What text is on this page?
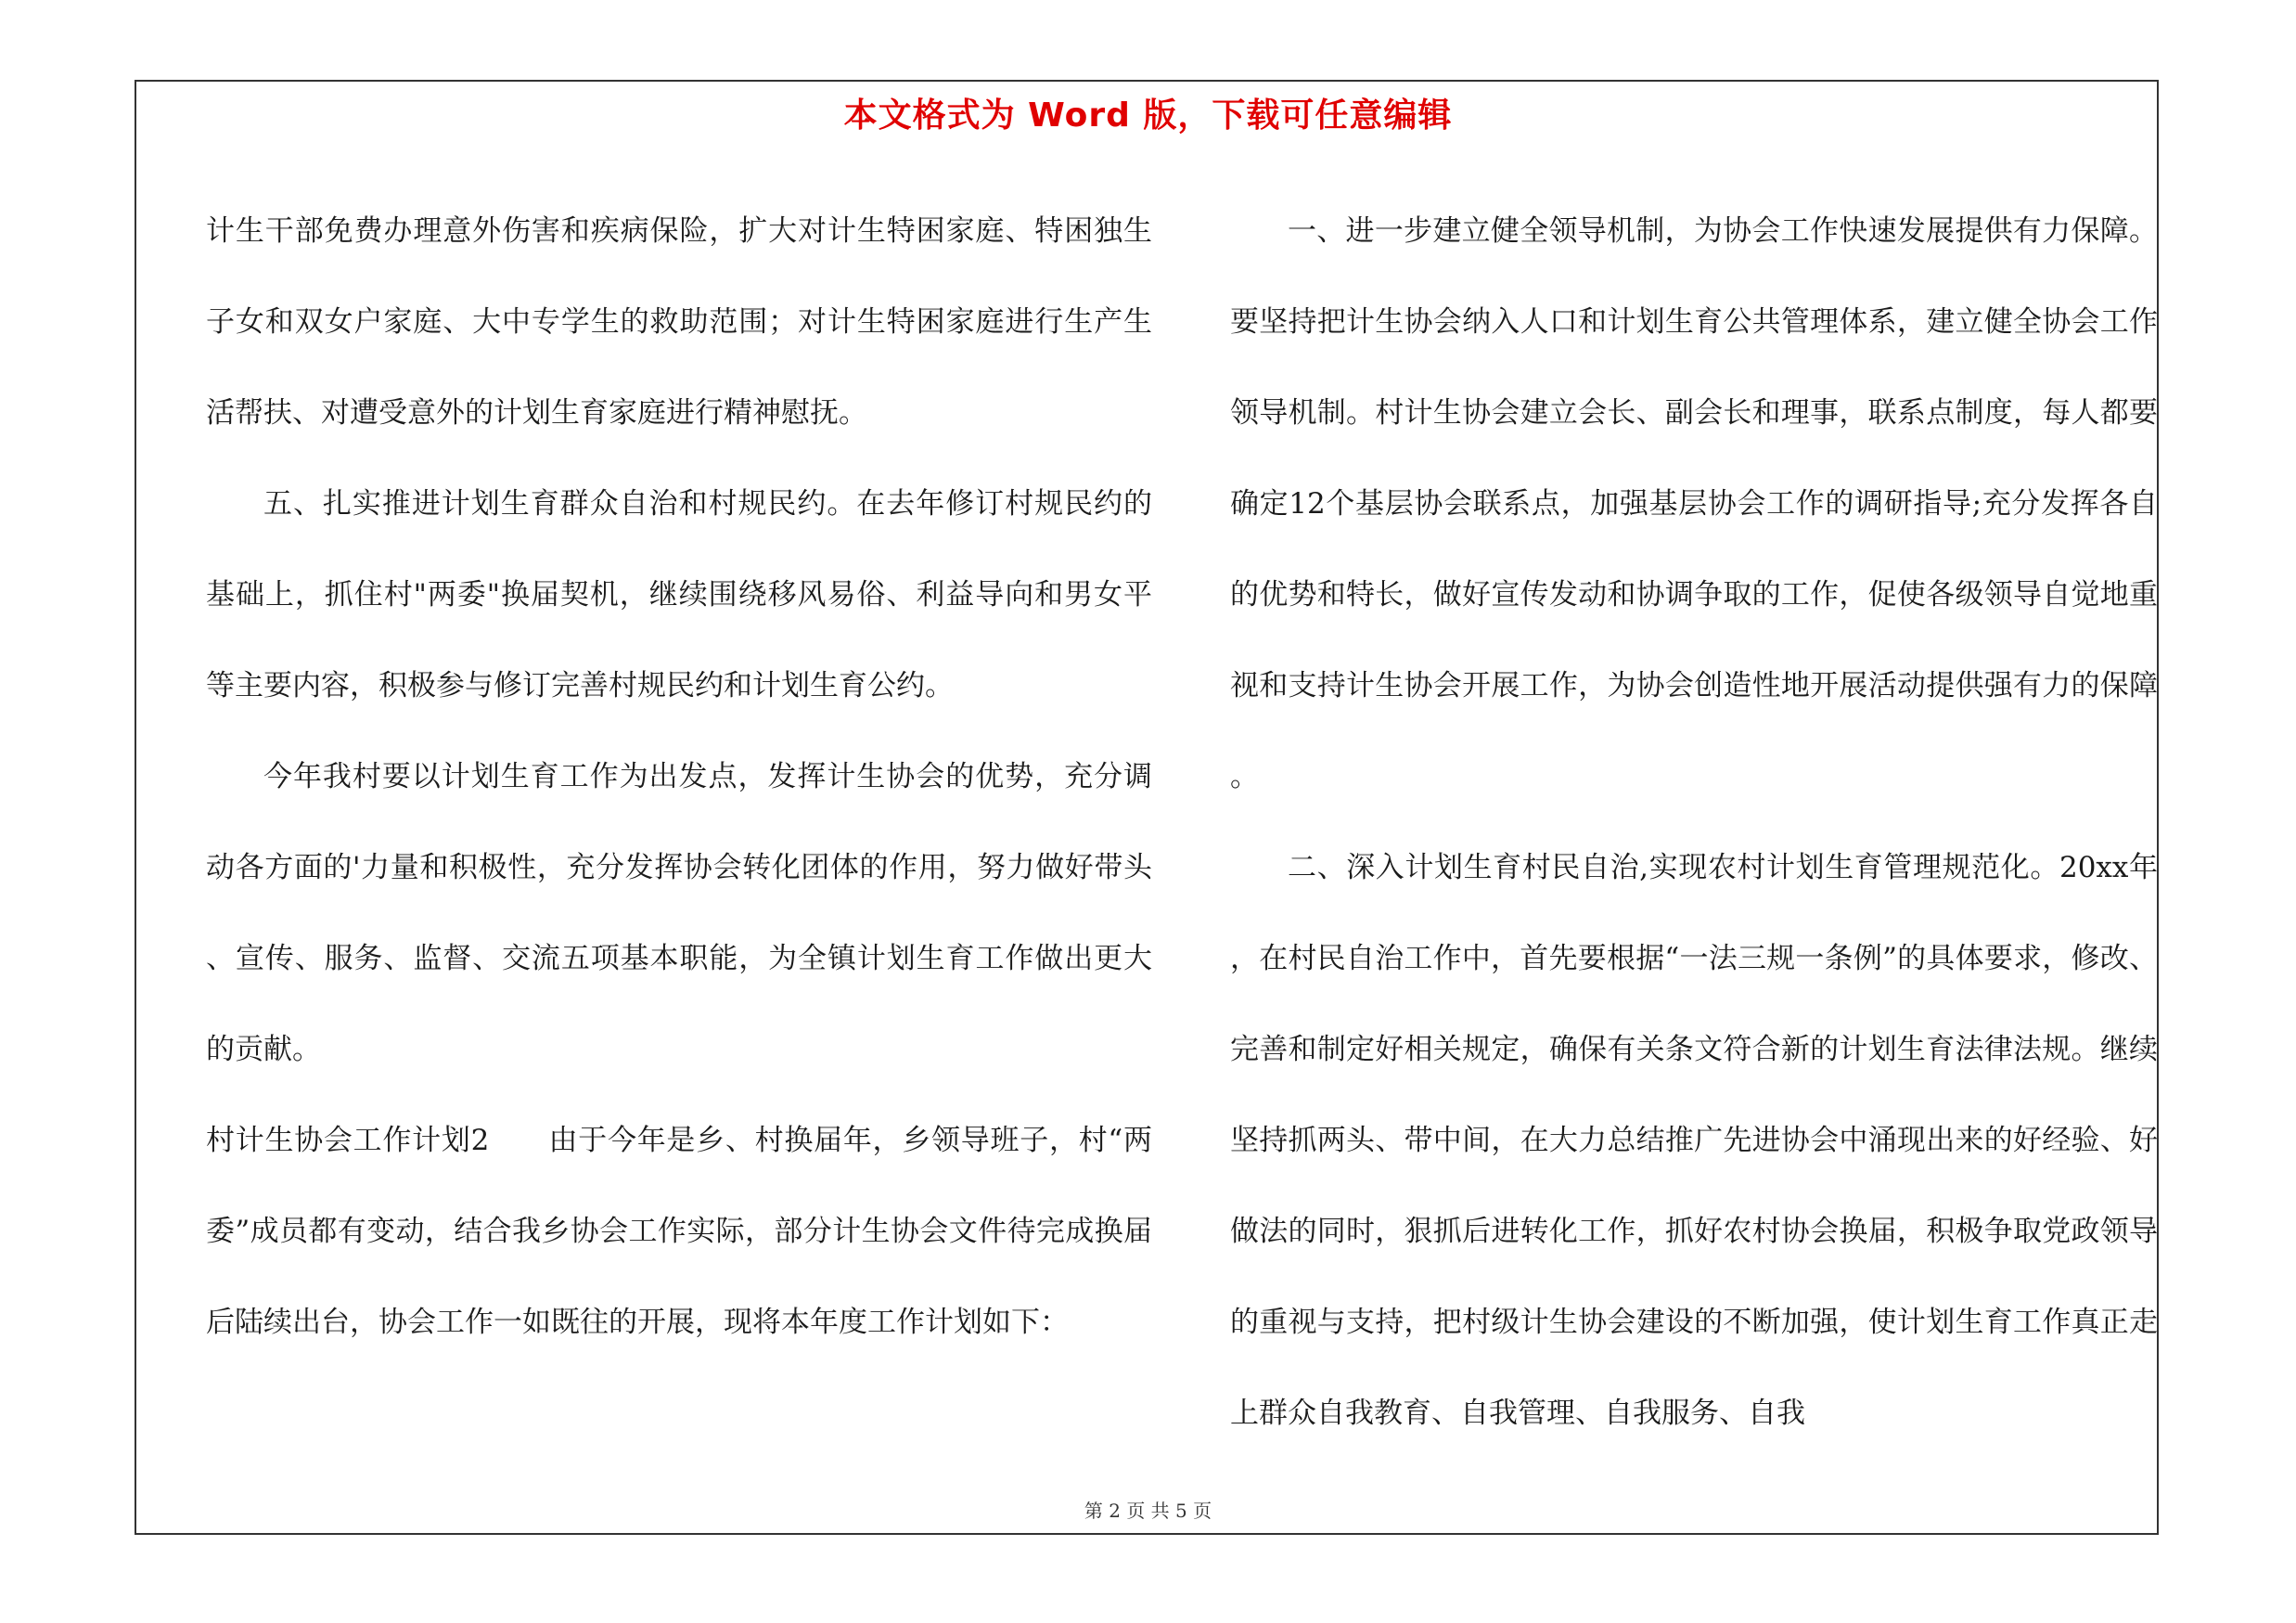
本文格式为 Word 版，下载可任意编辑

计生干部免费办理意外伤害和疾病保险，扩大对计生特困家庭、特困独生子女和双女户家庭、大中专学生的救助范围；对计生特困家庭进行生产生活帮扶、对遭受意外的计划生育家庭进行精神慰抚。

五、扎实推进计划生育群众自治和村规民约。在去年修订村规民约的基础上，抓住村"两委"换届契机，继续围绕移风易俗、利益导向和男女平等主要内容，积极参与修订完善村规民约和计划生育公约。

今年我村要以计划生育工作为出发点，发挥计生协会的优势，充分调动各方面的'力量和积极性，充分发挥协会转化团体的作用，努力做好带头、宣传、服务、监督、交流五项基本职能，为全镇计划生育工作做出更大的贡献。

村计生协会工作计划2　　由于今年是乡、村换届年，乡领导班子，村“两委”成员都有变动，结合我乡协会工作实际，部分计生协会文件待完成换届后陆续出台，协会工作一如既往的开展，现将本年度工作计划如下：

一、进一步建立健全领导机制，为协会工作快速发展提供有力保障。要坚持把计生协会纳入人口和计划生育公共管理体系，建立健全协会工作领导机制。村计生协会建立会长、副会长和理事，联系点制度，每人都要确定12个基层协会联系点，加强基层协会工作的调研指导;充分发挥各自的优势和特长，做好宣传发动和协调争取的工作，促使各级领导自觉地重视和支持计生协会开展工作，为协会创造性地开展活动提供强有力的保障。

二、深入计划生育村民自治,实现农村计划生育管理规范化。20xx年，在村民自治工作中，首先要根据“一法三规一条例”的具体要求，修改、完善和制定好相关规定，确保有关条文符合新的计划生育法律法规。继续坚持抓两头、带中间，在大力总结推广先进协会中涌现出来的好经验、好做法的同时，狠抓后进转化工作，抓好农村协会换届，积极争取党政领导的重视与支持，把村级计生协会建设的不断加强，使计划生育工作真正走上群众自我教育、自我管理、自我服务、自我

第 2 页 共 5 页
